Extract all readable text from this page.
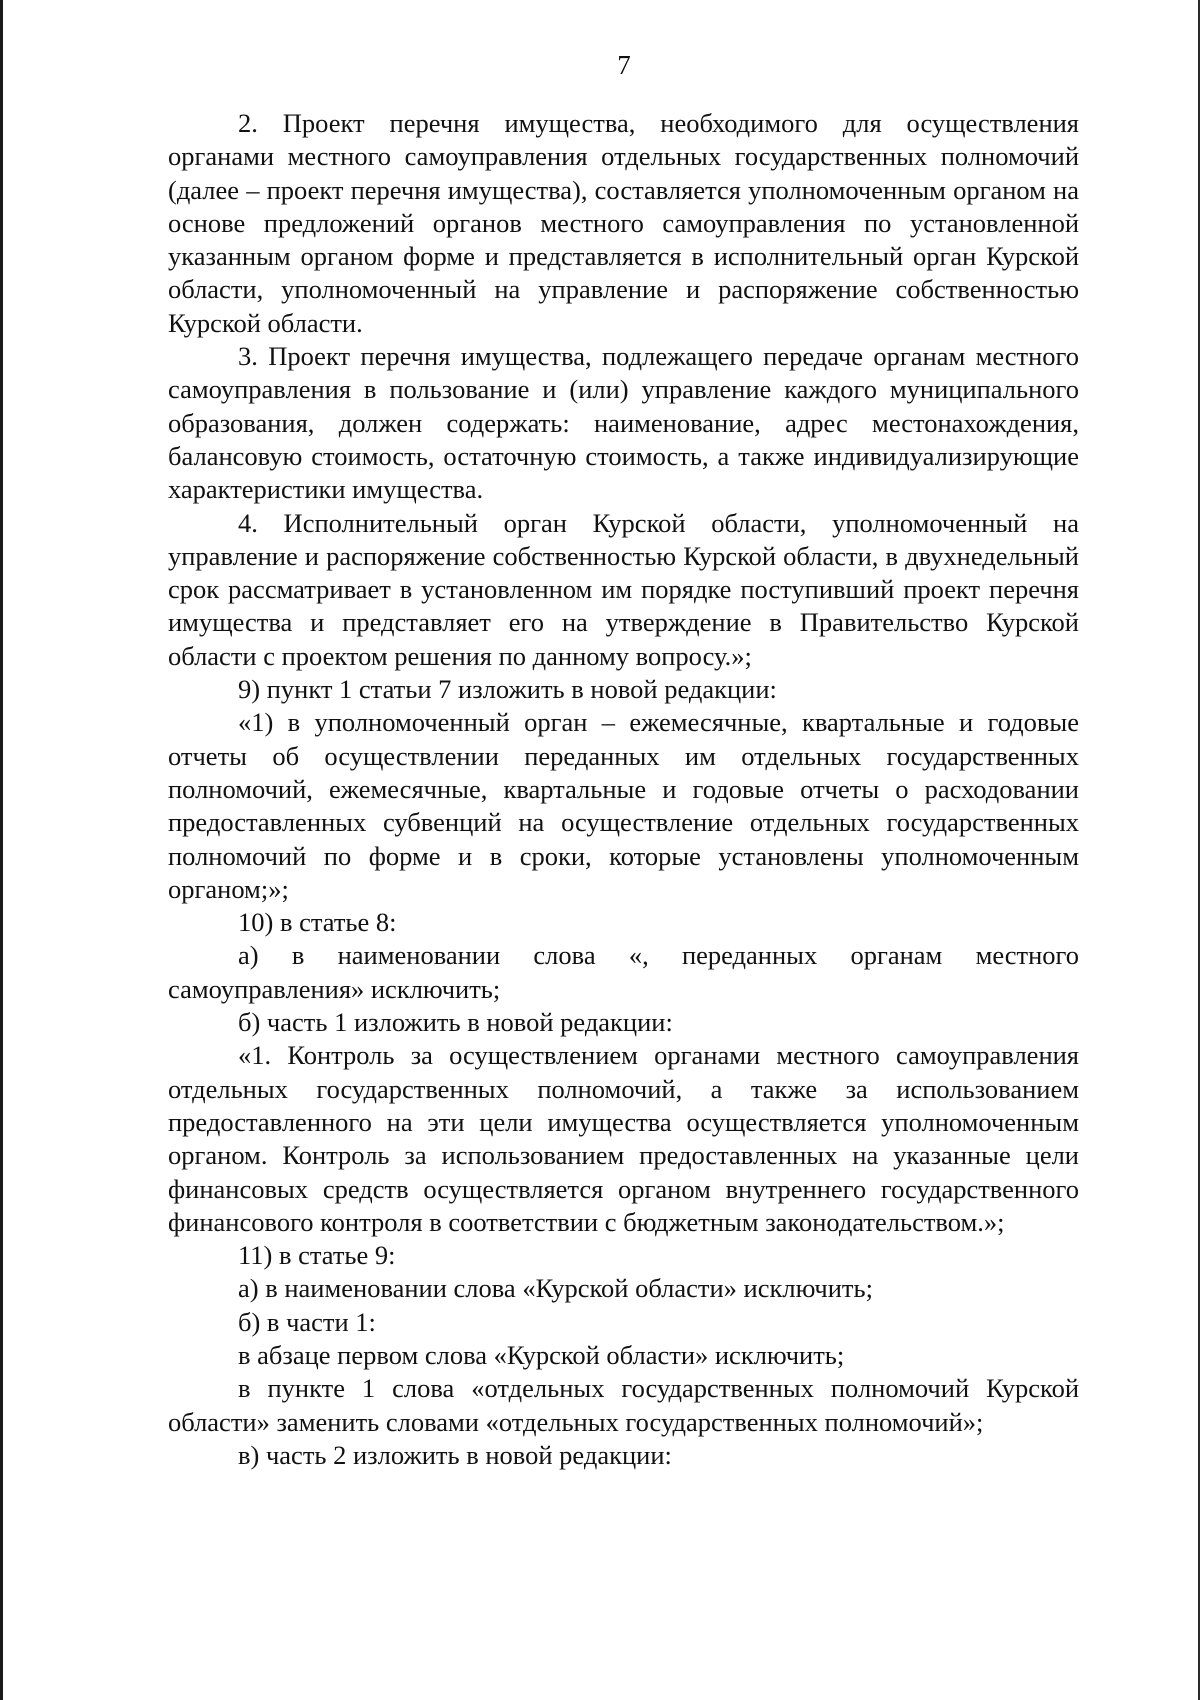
7

2. Проект перечня имущества, необходимого для осуществления органами местного самоуправления отдельных государственных полномочий (далее – проект перечня имущества), составляется уполномоченным органом на основе предложений органов местного самоуправления по установленной указанным органом форме и представляется в исполнительный орган Курской области, уполномоченный на управление и распоряжение собственностью Курской области.

3. Проект перечня имущества, подлежащего передаче органам местного самоуправления в пользование и (или) управление каждого муниципального образования, должен содержать: наименование, адрес местонахождения, балансовую стоимость, остаточную стоимость, а также индивидуализирующие характеристики имущества.

4. Исполнительный орган Курской области, уполномоченный на управление и распоряжение собственностью Курской области, в двухнедельный срок рассматривает в установленном им порядке поступивший проект перечня имущества и представляет его на утверждение в Правительство Курской области с проектом решения по данному вопросу.»;

9) пункт 1 статьи 7 изложить в новой редакции:

«1) в уполномоченный орган – ежемесячные, квартальные и годовые отчеты об осуществлении переданных им отдельных государственных полномочий, ежемесячные, квартальные и годовые отчеты о расходовании предоставленных субвенций на осуществление отдельных государственных полномочий по форме и в сроки, которые установлены уполномоченным органом;»;

10) в статье 8:

а) в наименовании слова «, переданных органам местного самоуправления» исключить;

б) часть 1 изложить в новой редакции:

«1. Контроль за осуществлением органами местного самоуправления отдельных государственных полномочий, а также за использованием предоставленного на эти цели имущества осуществляется уполномоченным органом. Контроль за использованием предоставленных на указанные цели финансовых средств осуществляется органом внутреннего государственного финансового контроля в соответствии с бюджетным законодательством.»;

11) в статье 9:

а) в наименовании слова «Курской области» исключить;

б) в части 1:

в абзаце первом слова «Курской области» исключить;

в пункте 1 слова «отдельных государственных полномочий Курской области» заменить словами «отдельных государственных полномочий»;

в) часть 2 изложить в новой редакции:
